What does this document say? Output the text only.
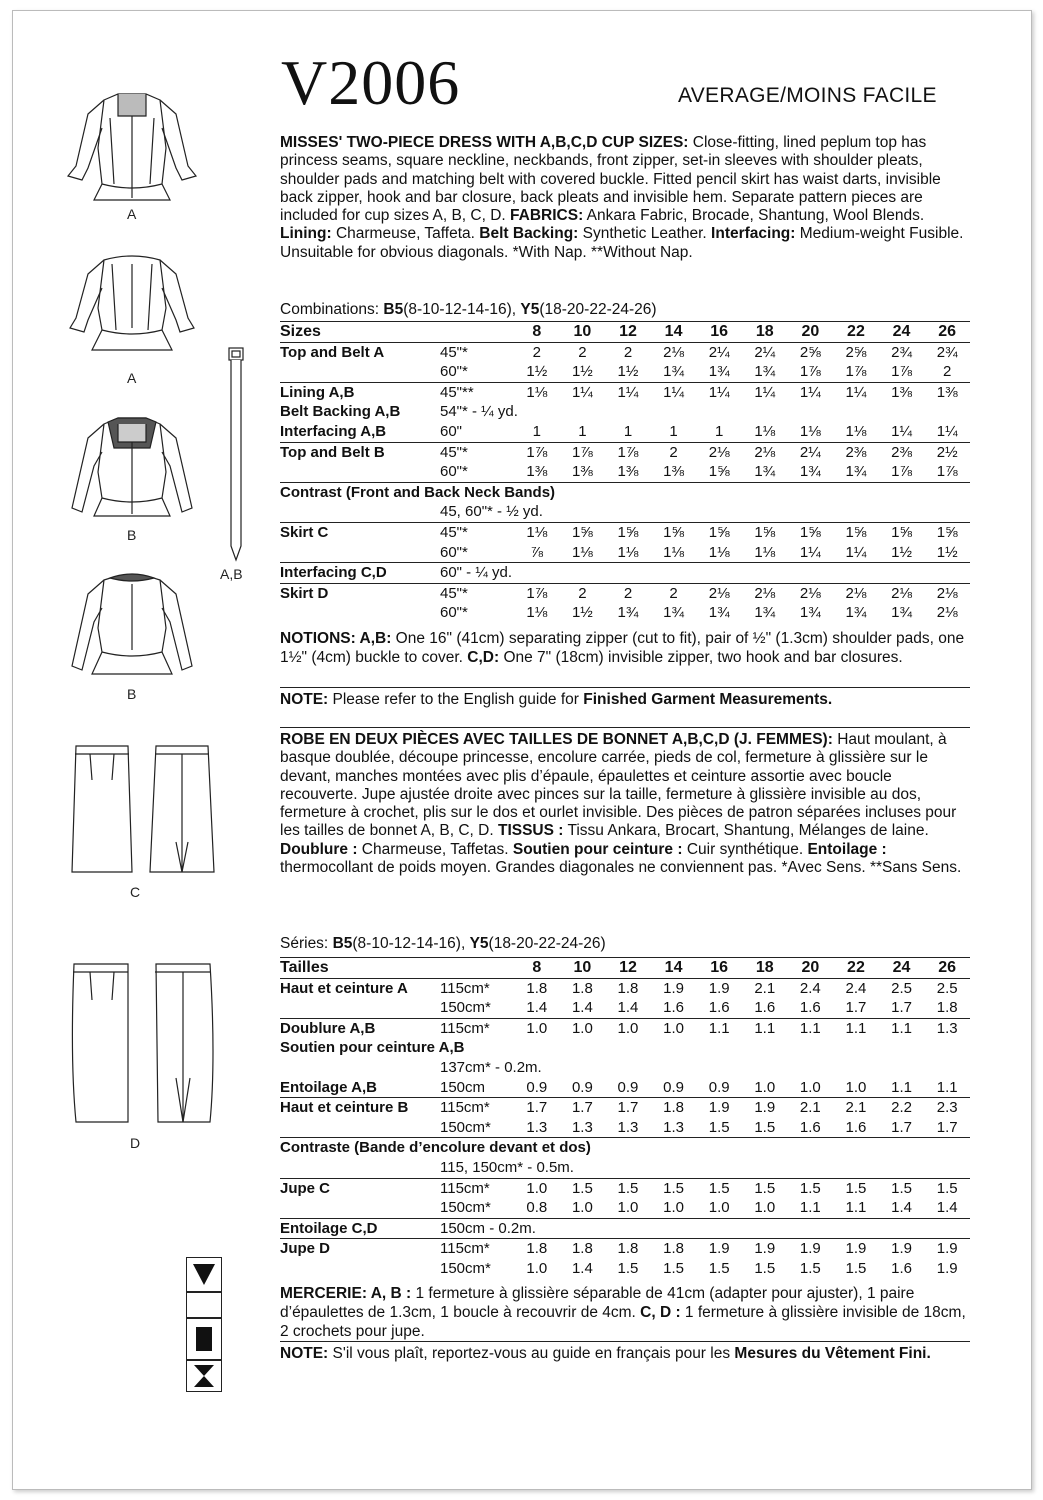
A
A
B
B
A,B
C
D
V2006	AVERAGE/MOINS FACILE
MISSES' TWO-PIECE DRESS WITH A,B,C,D CUP SIZES: Close-fitting, lined peplum top has princess seams, square neckline, neckbands, front zipper, set-in sleeves with shoulder pleats, shoulder pads and matching belt with covered buckle. Fitted pencil skirt has waist darts, invisible back zipper, hook and bar closure, back pleats and invisible hem. Separate pattern pieces are included for cup sizes A, B, C, D. FABRICS: Ankara Fabric, Brocade, Shantung, Wool Blends. Lining: Charmeuse, Taffeta. Belt Backing: Synthetic Leather. Interfacing: Medium-weight Fusible. Unsuitable for obvious diagonals. *With Nap. **Without Nap.
Combinations: B5(8-10-12-14-16), Y5(18-20-22-24-26)
Sizes		8	10	12	14	16	18	20	22	24	26
Top and Belt A	45"*	2	2	2	2⅛	2¼	2¼	2⅝	2⅝	2¾	2¾
	60"*	1½	1½	1½	1¾	1¾	1¾	1⅞	1⅞	1⅞	2
Lining A,B	45"**	1⅛	1¼	1¼	1¼	1¼	1¼	1¼	1¼	1⅜	1⅜
Belt Backing A,B	54"* - ¼ yd.										
Interfacing A,B	60"	1	1	1	1	1	1⅛	1⅛	1⅛	1¼	1¼
Top and Belt B	45"*	1⅞	1⅞	1⅞	2	2⅛	2⅛	2¼	2⅜	2⅜	2½
	60"*	1⅜	1⅜	1⅜	1⅜	1⅝	1¾	1¾	1¾	1⅞	1⅞
Contrast (Front and Back Neck Bands)											
	45, 60"* - ½ yd.										
Skirt C	45"*	1⅛	1⅝	1⅝	1⅝	1⅝	1⅝	1⅝	1⅝	1⅝	1⅝
	60"*	⅞	1⅛	1⅛	1⅛	1⅛	1⅛	1¼	1¼	1½	1½
Interfacing C,D	60" - ¼ yd.										
Skirt D	45"*	1⅞	2	2	2	2⅛	2⅛	2⅛	2⅛	2⅛	2⅛
	60"*	1⅛	1½	1¾	1¾	1¾	1¾	1¾	1¾	1¾	2⅛
NOTIONS: A,B: One 16" (41cm) separating zipper (cut to fit), pair of ½" (1.3cm) shoulder pads, one 1½" (4cm) buckle to cover. C,D: One 7" (18cm) invisible zipper, two hook and bar closures.
NOTE: Please refer to the English guide for Finished Garment Measurements.
ROBE EN DEUX PIÈCES AVEC TAILLES DE BONNET A,B,C,D (J. FEMMES): Haut moulant, à basque doublée, découpe princesse, encolure carrée, pieds de col, fermeture à glissière sur le devant, manches montées avec plis d’épaule, épaulettes et ceinture assortie avec boucle recouverte. Jupe ajustée droite avec pinces sur la taille, fermeture à glissière invisible au dos, fermeture à crochet, plis sur le dos et ourlet invisible. Des pièces de patron séparées incluses pour les tailles de bonnet A, B, C, D. TISSUS : Tissu Ankara, Brocart, Shantung, Mélanges de laine. Doublure : Charmeuse, Taffetas. Soutien pour ceinture : Cuir synthétique. Entoilage : thermocollant de poids moyen. Grandes diagonales ne conviennent pas. *Avec Sens. **Sans Sens.
Séries: B5(8-10-12-14-16), Y5(18-20-22-24-26)
Tailles		8	10	12	14	16	18	20	22	24	26
Haut et ceinture A	115cm*	1.8	1.8	1.8	1.9	1.9	2.1	2.4	2.4	2.5	2.5
	150cm*	1.4	1.4	1.4	1.6	1.6	1.6	1.6	1.7	1.7	1.8
Doublure A,B	115cm*	1.0	1.0	1.0	1.0	1.1	1.1	1.1	1.1	1.1	1.3
Soutien pour ceinture A,B											
	137cm* - 0.2m.										
Entoilage A,B	150cm	0.9	0.9	0.9	0.9	0.9	1.0	1.0	1.0	1.1	1.1
Haut et ceinture B	115cm*	1.7	1.7	1.7	1.8	1.9	1.9	2.1	2.1	2.2	2.3
	150cm*	1.3	1.3	1.3	1.3	1.5	1.5	1.6	1.6	1.7	1.7
Contraste (Bande d’encolure devant et dos)											
	115, 150cm* - 0.5m.										
Jupe C	115cm*	1.0	1.5	1.5	1.5	1.5	1.5	1.5	1.5	1.5	1.5
	150cm*	0.8	1.0	1.0	1.0	1.0	1.0	1.1	1.1	1.4	1.4
Entoilage C,D	150cm - 0.2m.										
Jupe D	115cm*	1.8	1.8	1.8	1.8	1.9	1.9	1.9	1.9	1.9	1.9
	150cm*	1.0	1.4	1.5	1.5	1.5	1.5	1.5	1.5	1.6	1.9
MERCERIE: A, B : 1 fermeture à glissière séparable de 41cm (adapter pour ajuster), 1 paire d’épaulettes de 1.3cm, 1 boucle à recouvrir de 4cm. C, D : 1 fermeture à glissière invisible de 18cm, 2 crochets pour jupe.
NOTE: S'il vous plaît, reportez-vous au guide en français pour les Mesures du Vêtement Fini.
